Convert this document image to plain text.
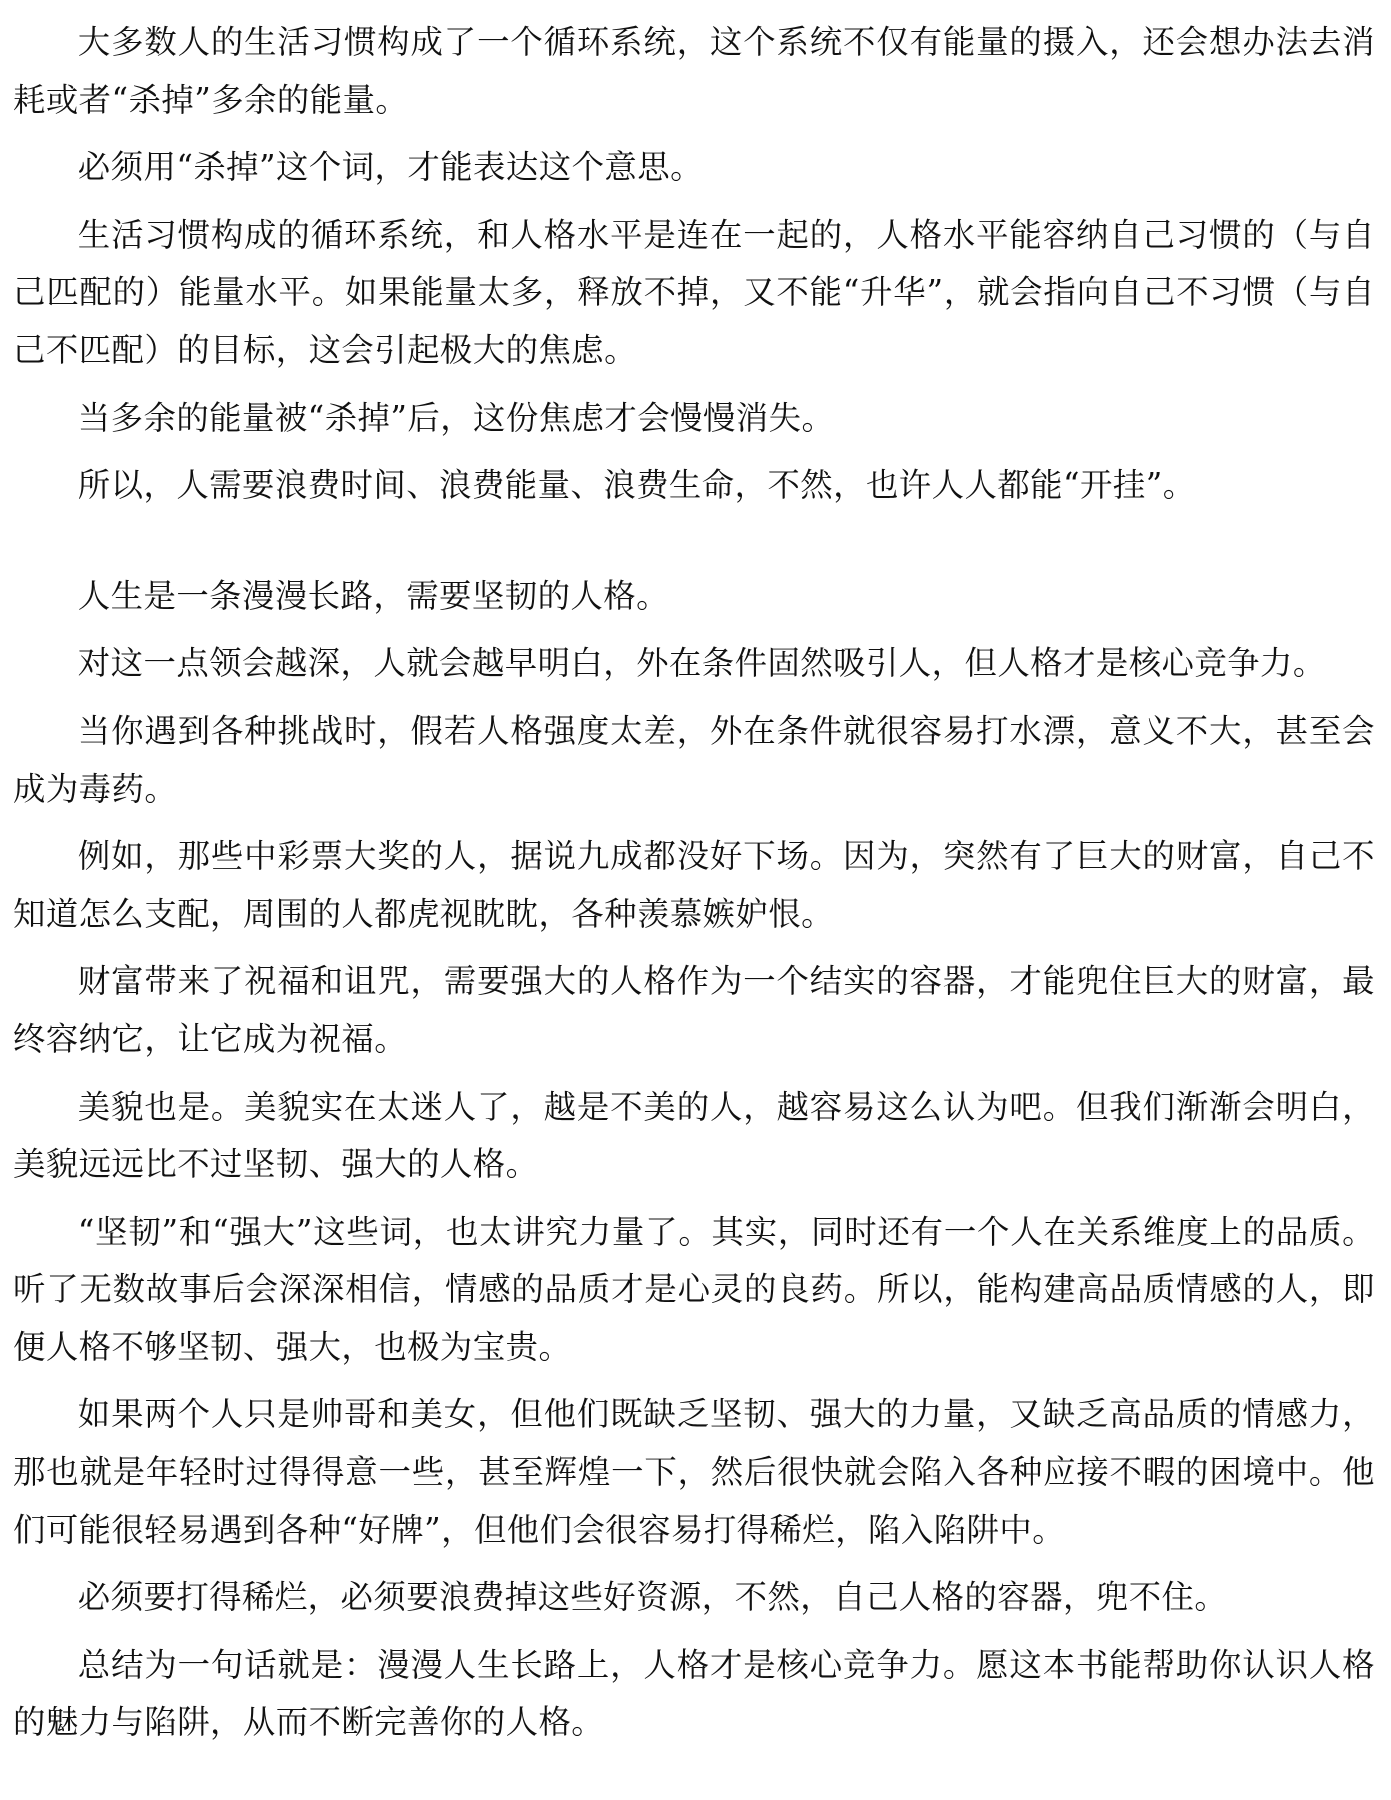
大多数人的生活习惯构成了一个循环系统，这个系统不仅有能量的摄入，还会想办法去消耗或者“杀掉”多余的能量。

必须用“杀掉”这个词，才能表达这个意思。

生活习惯构成的循环系统，和人格水平是连在一起的，人格水平能容纳自己习惯的（与自己匹配的）能量水平。如果能量太多，释放不掉，又不能“升华”，就会指向自己不习惯（与自己不匹配）的目标，这会引起极大的焦虑。

当多余的能量被“杀掉”后，这份焦虑才会慢慢消失。

所以，人需要浪费时间、浪费能量、浪费生命，不然，也许人人都能“开挂”。

人生是一条漫漫长路，需要坚韧的人格。

对这一点领会越深，人就会越早明白，外在条件固然吸引人，但人格才是核心竞争力。

当你遇到各种挑战时，假若人格强度太差，外在条件就很容易打水漂，意义不大，甚至会成为毒药。

例如，那些中彩票大奖的人，据说九成都没好下场。因为，突然有了巨大的财富，自己不知道怎么支配，周围的人都虎视眈眈，各种羡慕嫉妒恨。

财富带来了祝福和诅咒，需要强大的人格作为一个结实的容器，才能兜住巨大的财富，最终容纳它，让它成为祝福。

美貌也是。美貌实在太迷人了，越是不美的人，越容易这么认为吧。但我们渐渐会明白，美貌远远比不过坚韧、强大的人格。

“坚韧”和“强大”这些词，也太讲究力量了。其实，同时还有一个人在关系维度上的品质。听了无数故事后会深深相信，情感的品质才是心灵的良药。所以，能构建高品质情感的人，即便人格不够坚韧、强大，也极为宝贵。

如果两个人只是帅哥和美女，但他们既缺乏坚韧、强大的力量，又缺乏高品质的情感力，那也就是年轻时过得得意一些，甚至辉煌一下，然后很快就会陷入各种应接不暇的困境中。他们可能很轻易遇到各种“好牌”，但他们会很容易打得稀烂，陷入陷阱中。

必须要打得稀烂，必须要浪费掉这些好资源，不然，自己人格的容器，兜不住。

总结为一句话就是：漫漫人生长路上，人格才是核心竞争力。愿这本书能帮助你认识人格的魅力与陷阱，从而不断完善你的人格。
